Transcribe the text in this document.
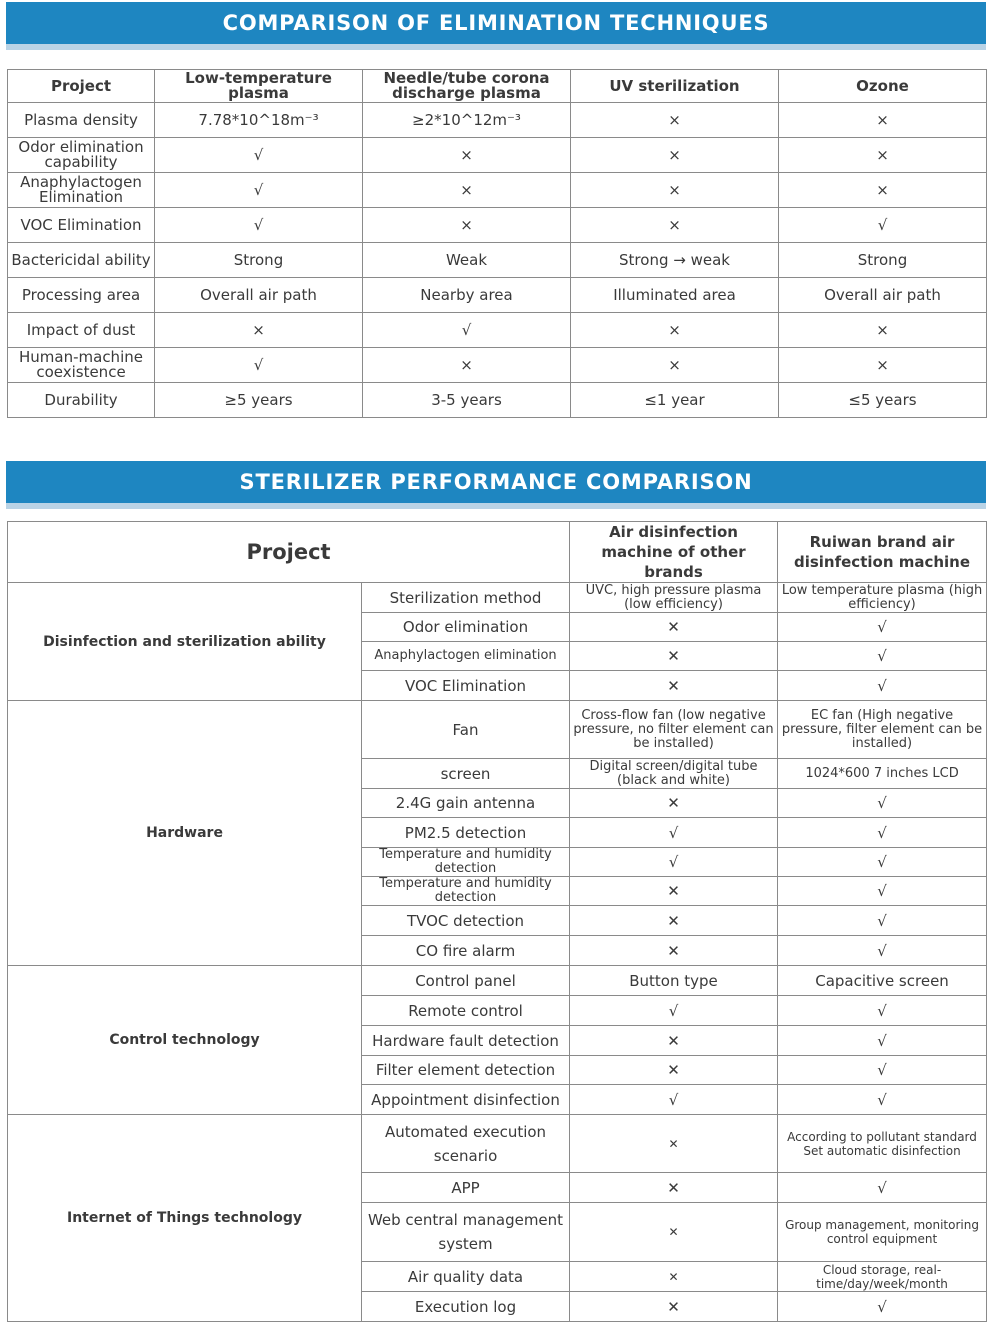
COMPARISON OF ELIMINATION TECHNIQUES
Project	Low-temperature plasma	Needle/tube corona discharge plasma	UV sterilization	Ozone
Plasma density	7.78*10^18m⁻³	≥2*10^12m⁻³	×	×
Odor elimination capability	√	×	×	×
Anaphylactogen Elimination	√	×	×	×
VOC Elimination	√	×	×	√
Bactericidal ability	Strong	Weak	Strong → weak	Strong
Processing area	Overall air path	Nearby area	Illuminated area	Overall air path
Impact of dust	×	√	×	×
Human-machine coexistence	√	×	×	×
Durability	≥5 years	3-5 years	≤1 year	≤5 years
STERILIZER PERFORMANCE COMPARISON
Project		Air disinfection machine of other brands	Ruiwan brand air disinfection machine
Disinfection and sterilization ability	Sterilization method	UVC, high pressure plasma (low efficiency)	Low temperature plasma (high efficiency)
	Odor elimination	✕	√
	Anaphylactogen elimination	✕	√
	VOC Elimination	✕	√
Hardware	Fan	Cross-flow fan (low negative pressure, no filter element can be installed)	EC fan (High negative pressure, filter element can be installed)
	screen	Digital screen/digital tube (black and white)	1024*600 7 inches LCD
	2.4G gain antenna	✕	√
	PM2.5 detection	√	√
	Temperature and humidity detection	√	√
	Temperature and humidity detection	✕	√
	TVOC detection	✕	√
	CO fire alarm	✕	√
Control technology	Control panel	Button type	Capacitive screen
	Remote control	√	√
	Hardware fault detection	✕	√
	Filter element detection	✕	√
	Appointment disinfection	√	√
Internet of Things technology	Automated execution scenario	✕	According to pollutant standard Set automatic disinfection
	APP	✕	√
	Web central management system	✕	Group management, monitoring control equipment
	Air quality data	✕	Cloud storage, real-time/day/week/month
	Execution log	✕	√
